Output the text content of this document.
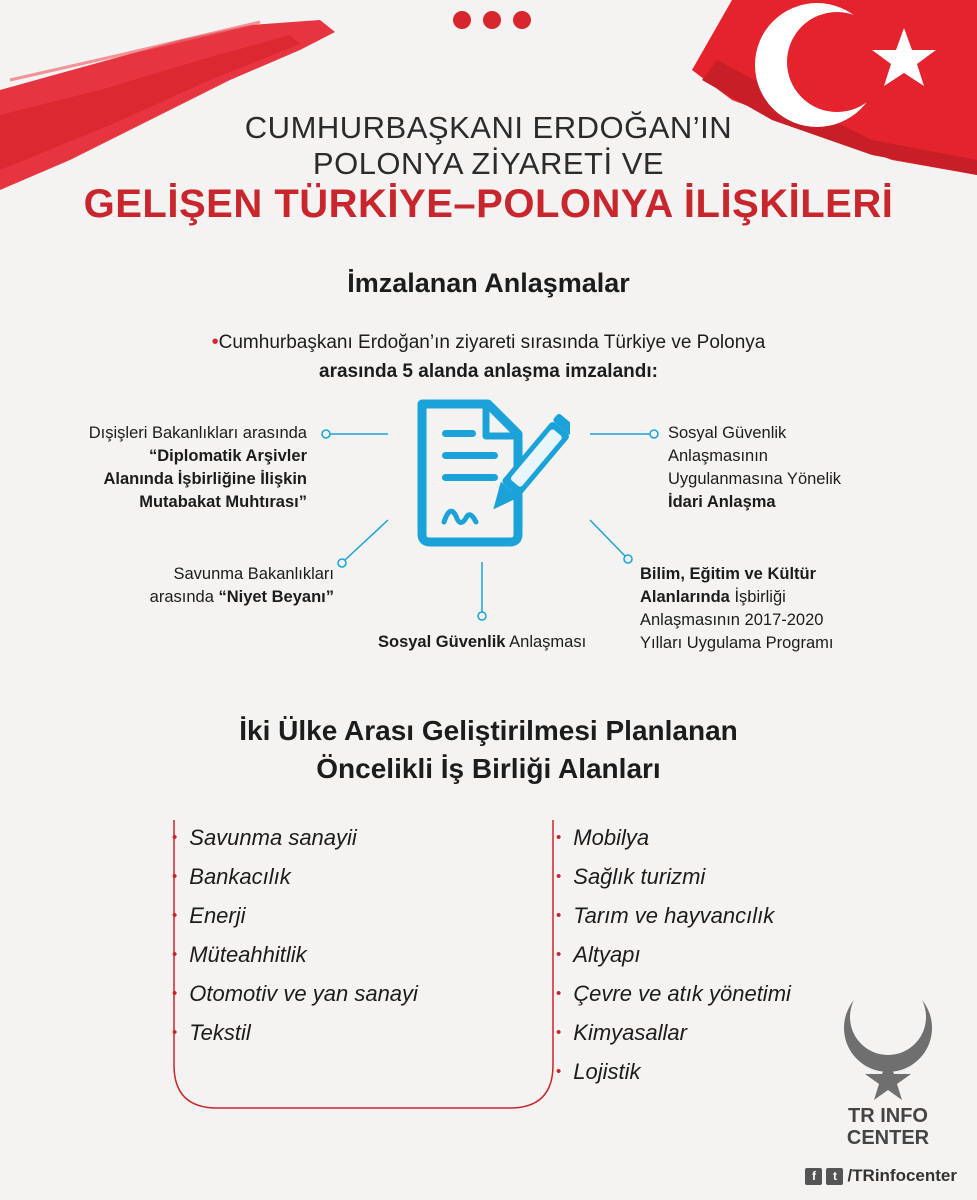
CUMHURBAŞKANI ERDOĞAN’IN
POLONYA ZİYARETİ VE
GELİŞEN TÜRKİYE–POLONYA İLİŞKİLERİ
İmzalanan Anlaşmalar
•Cumhurbaşkanı Erdoğan’ın ziyareti sırasında Türkiye ve Polonya
arasında 5 alanda anlaşma imzalandı:
Dışişleri Bakanlıkları arasında
“Diplomatik Arşivler
Alanında İşbirliğine İlişkin
Mutabakat Muhtırası”
Sosyal Güvenlik
Anlaşmasının
Uygulanmasına Yönelik
İdari Anlaşma
Savunma Bakanlıkları
arasında “Niyet Beyanı”
Sosyal Güvenlik Anlaşması
Bilim, Eğitim ve Kültür
Alanlarında İşbirliği
Anlaşmasının 2017-2020
Yılları Uygulama Programı
İki Ülke Arası Geliştirilmesi Planlanan
Öncelikli İş Birliği Alanları
• Savunma sanayii
• Bankacılık
• Enerji
• Müteahhitlik
• Otomotiv ve yan sanayi
• Tekstil
• Mobilya
• Sağlık turizmi
• Tarım ve hayvancılık
• Altyapı
• Çevre ve atık yönetimi
• Kimyasallar
• Lojistik
TR INFO
CENTER
f	t /TRinfocenter
